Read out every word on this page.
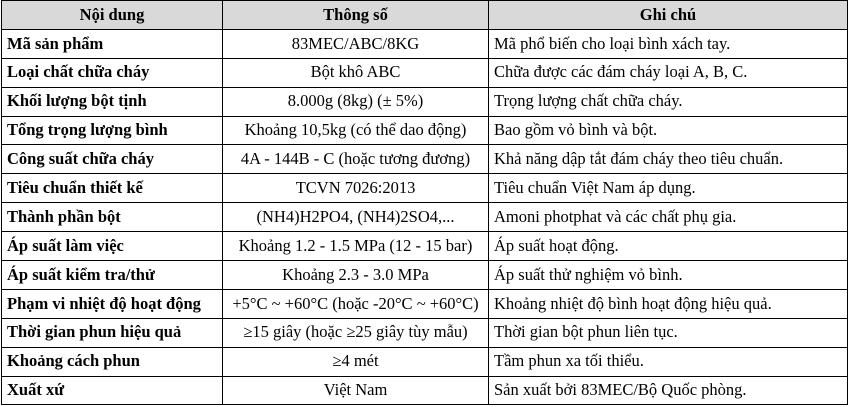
Nội dung	Thông số	Ghi chú
Mã sản phẩm	83MEC/ABC/8KG	Mã phổ biến cho loại bình xách tay.
Loại chất chữa cháy	Bột khô ABC	Chữa được các đám cháy loại A, B, C.
Khối lượng bột tịnh	8.000g (8kg) (± 5%)	Trọng lượng chất chữa cháy.
Tổng trọng lượng bình	Khoảng 10,5kg (có thể dao động)	Bao gồm vỏ bình và bột.
Công suất chữa cháy	4A - 144B - C (hoặc tương đương)	Khả năng dập tắt đám cháy theo tiêu chuẩn.
Tiêu chuẩn thiết kế	TCVN 7026:2013	Tiêu chuẩn Việt Nam áp dụng.
Thành phần bột	(NH4)H2PO4, (NH4)2SO4,...	Amoni photphat và các chất phụ gia.
Áp suất làm việc	Khoảng 1.2 - 1.5 MPa (12 - 15 bar)	Áp suất hoạt động.
Áp suất kiểm tra/thử	Khoảng 2.3 - 3.0 MPa	Áp suất thử nghiệm vỏ bình.
Phạm vi nhiệt độ hoạt động	+5°C ~ +60°C (hoặc -20°C ~ +60°C)	Khoảng nhiệt độ bình hoạt động hiệu quả.
Thời gian phun hiệu quả	≥15 giây (hoặc ≥25 giây tùy mẫu)	Thời gian bột phun liên tục.
Khoảng cách phun	≥4 mét	Tầm phun xa tối thiểu.
Xuất xứ	Việt Nam	Sản xuất bởi 83MEC/Bộ Quốc phòng.
